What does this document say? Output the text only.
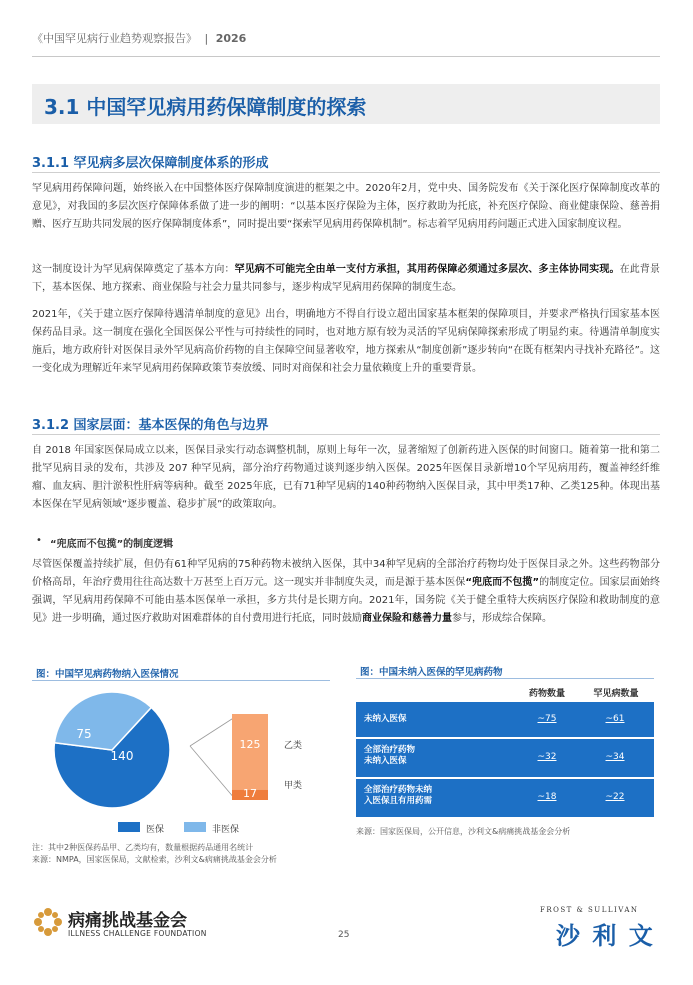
《中国罕见病行业趋势观察报告》 | 2026
3.1 中国罕见病用药保障制度的探索
3.1.1 罕见病多层次保障制度体系的形成
罕见病用药保障问题，始终嵌入在中国整体医疗保障制度演进的框架之中。2020年2月，党中央、国务院发布《关于深化医疗保障制度改革的意见》，对我国的多层次医疗保障体系做了进一步的阐明：“以基本医疗保险为主体，医疗救助为托底，补充医疗保险、商业健康保险、慈善捐赠、医疗互助共同发展的医疗保障制度体系”，同时提出要“探索罕见病用药保障机制”。标志着罕见病用药问题正式进入国家制度议程。
这一制度设计为罕见病保障奠定了基本方向：罕见病不可能完全由单一支付方承担，其用药保障必须通过多层次、多主体协同实现。在此背景下，基本医保、地方探索、商业保险与社会力量共同参与，逐步构成罕见病用药保障的制度生态。
2021年，《关于建立医疗保障待遇清单制度的意见》出台，明确地方不得自行设立超出国家基本框架的保障项目，并要求严格执行国家基本医保药品目录。这一制度在强化全国医保公平性与可持续性的同时，也对地方原有较为灵活的罕见病保障探索形成了明显约束。待遇清单制度实施后，地方政府针对医保目录外罕见病高价药物的自主保障空间显著收窄，地方探索从“制度创新”逐步转向“在既有框架内寻找补充路径”。这一变化成为理解近年来罕见病用药保障政策节奏放缓、同时对商保和社会力量依赖度上升的重要背景。
3.1.2 国家层面：基本医保的角色与边界
自 2018 年国家医保局成立以来，医保目录实行动态调整机制，原则上每年一次，显著缩短了创新药进入医保的时间窗口。随着第一批和第二批罕见病目录的发布，共涉及 207 种罕见病，部分治疗药物通过谈判逐步纳入医保。2025年医保目录新增10个罕见病用药，覆盖神经纤维瘤、血友病、胆汁淤积性肝病等病种。截至 2025年底，已有71种罕见病的140种药物纳入医保目录，其中甲类17种、乙类125种。体现出基本医保在罕见病领域“逐步覆盖、稳步扩展”的政策取向。
• “兜底而不包揽”的制度逻辑
尽管医保覆盖持续扩展，但仍有61种罕见病的75种药物未被纳入医保，其中34种罕见病的全部治疗药物均处于医保目录之外。这些药物部分价格高昂，年治疗费用往往高达数十万甚至上百万元。这一现实并非制度失灵，而是源于基本医保“兜底而不包揽”的制度定位。国家层面始终强调，罕见病用药保障不可能由基本医保单一承担，多方共付是长期方向。2021年，国务院《关于健全重特大疾病医疗保险和救助制度的意见》进一步明确，通过医疗救助对困难群体的自付费用进行托底，同时鼓励商业保险和慈善力量参与，形成综合保障。
图：中国罕见病药物纳入医保情况
140
75
125
17
乙类
甲类
医保	非医保
注：其中2种医保药品甲、乙类均有，数量根据药品通用名统计
来源：NMPA，国家医保局，文献检索，沙利文&病痛挑战基金会分析
图：中国未纳入医保的罕见病药物
药物数量	罕见病数量
未纳入医保	~75	~61
全部治疗药物
未纳入医保	~32	~34
全部治疗药物未纳
入医保且有用药需	~18	~22
来源：国家医保局，公开信息，沙利文&病痛挑战基金会分析
病痛挑战基金会
ILLNESS CHALLENGE FOUNDATION	25
FROST & SULLIVAN
沙 利 文
